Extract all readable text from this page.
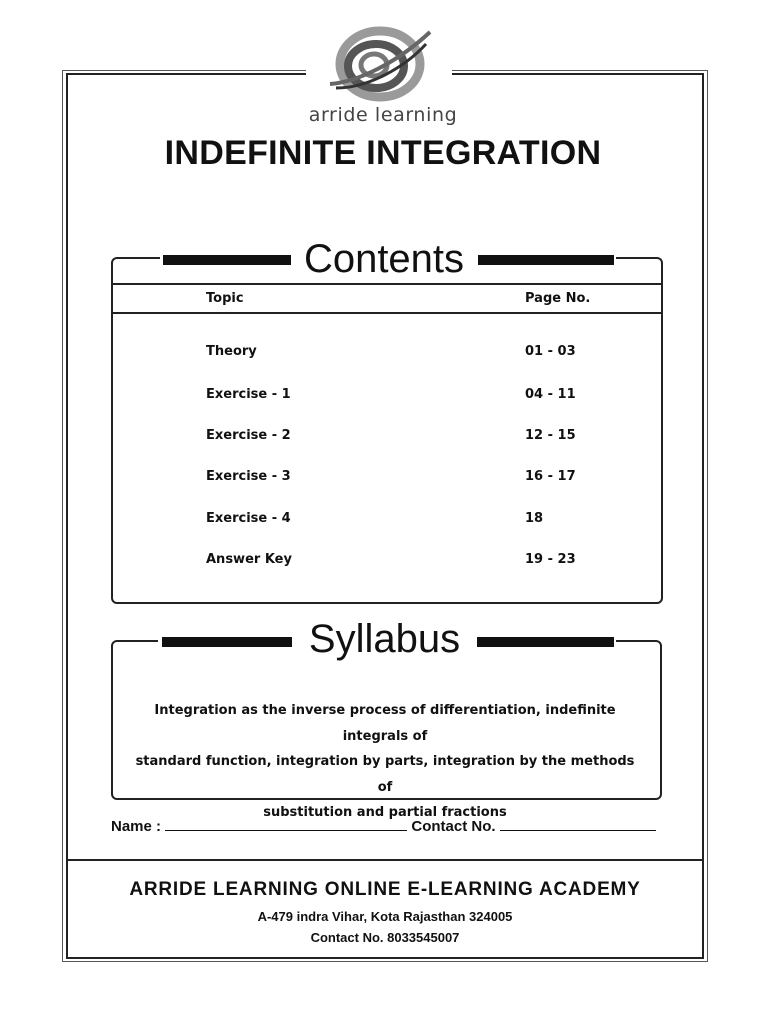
arride learning
INDEFINITE INTEGRATION
Contents
Topic	Page No.
Theory	01 - 03
Exercise - 1	04 - 11
Exercise - 2	12 - 15
Exercise - 3	16 - 17
Exercise - 4	18
Answer Key	19 - 23
Syllabus
Integration as the inverse process of differentiation, indefinite integrals of
standard function, integration by parts, integration by the methods of
substitution and partial fractions
Name :	Contact No.
ARRIDE LEARNING ONLINE E-LEARNING ACADEMY
A-479 indra Vihar, Kota Rajasthan 324005
Contact No. 8033545007
